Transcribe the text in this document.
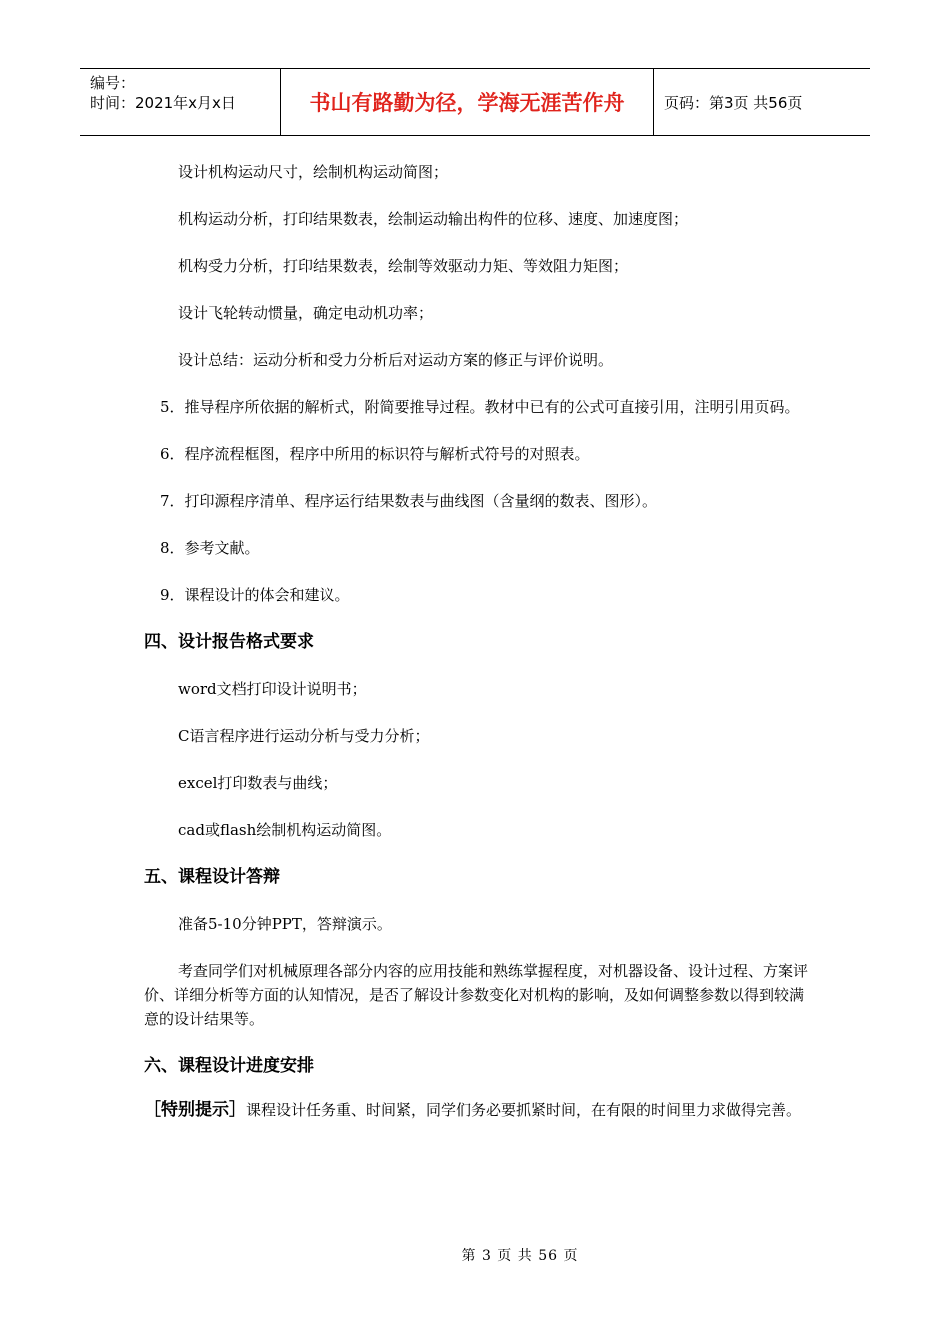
编号：
时间：2021年x月x日	书山有路勤为径，学海无涯苦作舟	页码：第3页 共56页

设计机构运动尺寸，绘制机构运动简图；

机构运动分析，打印结果数表，绘制运动输出构件的位移、速度、加速度图；

机构受力分析，打印结果数表，绘制等效驱动力矩、等效阻力矩图；

设计飞轮转动惯量，确定电动机功率；

设计总结：运动分析和受力分析后对运动方案的修正与评价说明。

5．推导程序所依据的解析式，附简要推导过程。教材中已有的公式可直接引用，注明引用页码。

6．程序流程框图，程序中所用的标识符与解析式符号的对照表。

7．打印源程序清单、程序运行结果数表与曲线图（含量纲的数表、图形）。

8．参考文献。

9．课程设计的体会和建议。

四、设计报告格式要求

word文档打印设计说明书；

C语言程序进行运动分析与受力分析；

excel打印数表与曲线；

cad或flash绘制机构运动简图。

五、课程设计答辩

准备5-10分钟PPT，答辩演示。

考查同学们对机械原理各部分内容的应用技能和熟练掌握程度，对机器设备、设计过程、方案评价、详细分析等方面的认知情况，是否了解设计参数变化对机构的影响，及如何调整参数以得到较满意的设计结果等。

六、课程设计进度安排

［特别提示］课程设计任务重、时间紧，同学们务必要抓紧时间，在有限的时间里力求做得完善。

第 3 页 共 56 页
